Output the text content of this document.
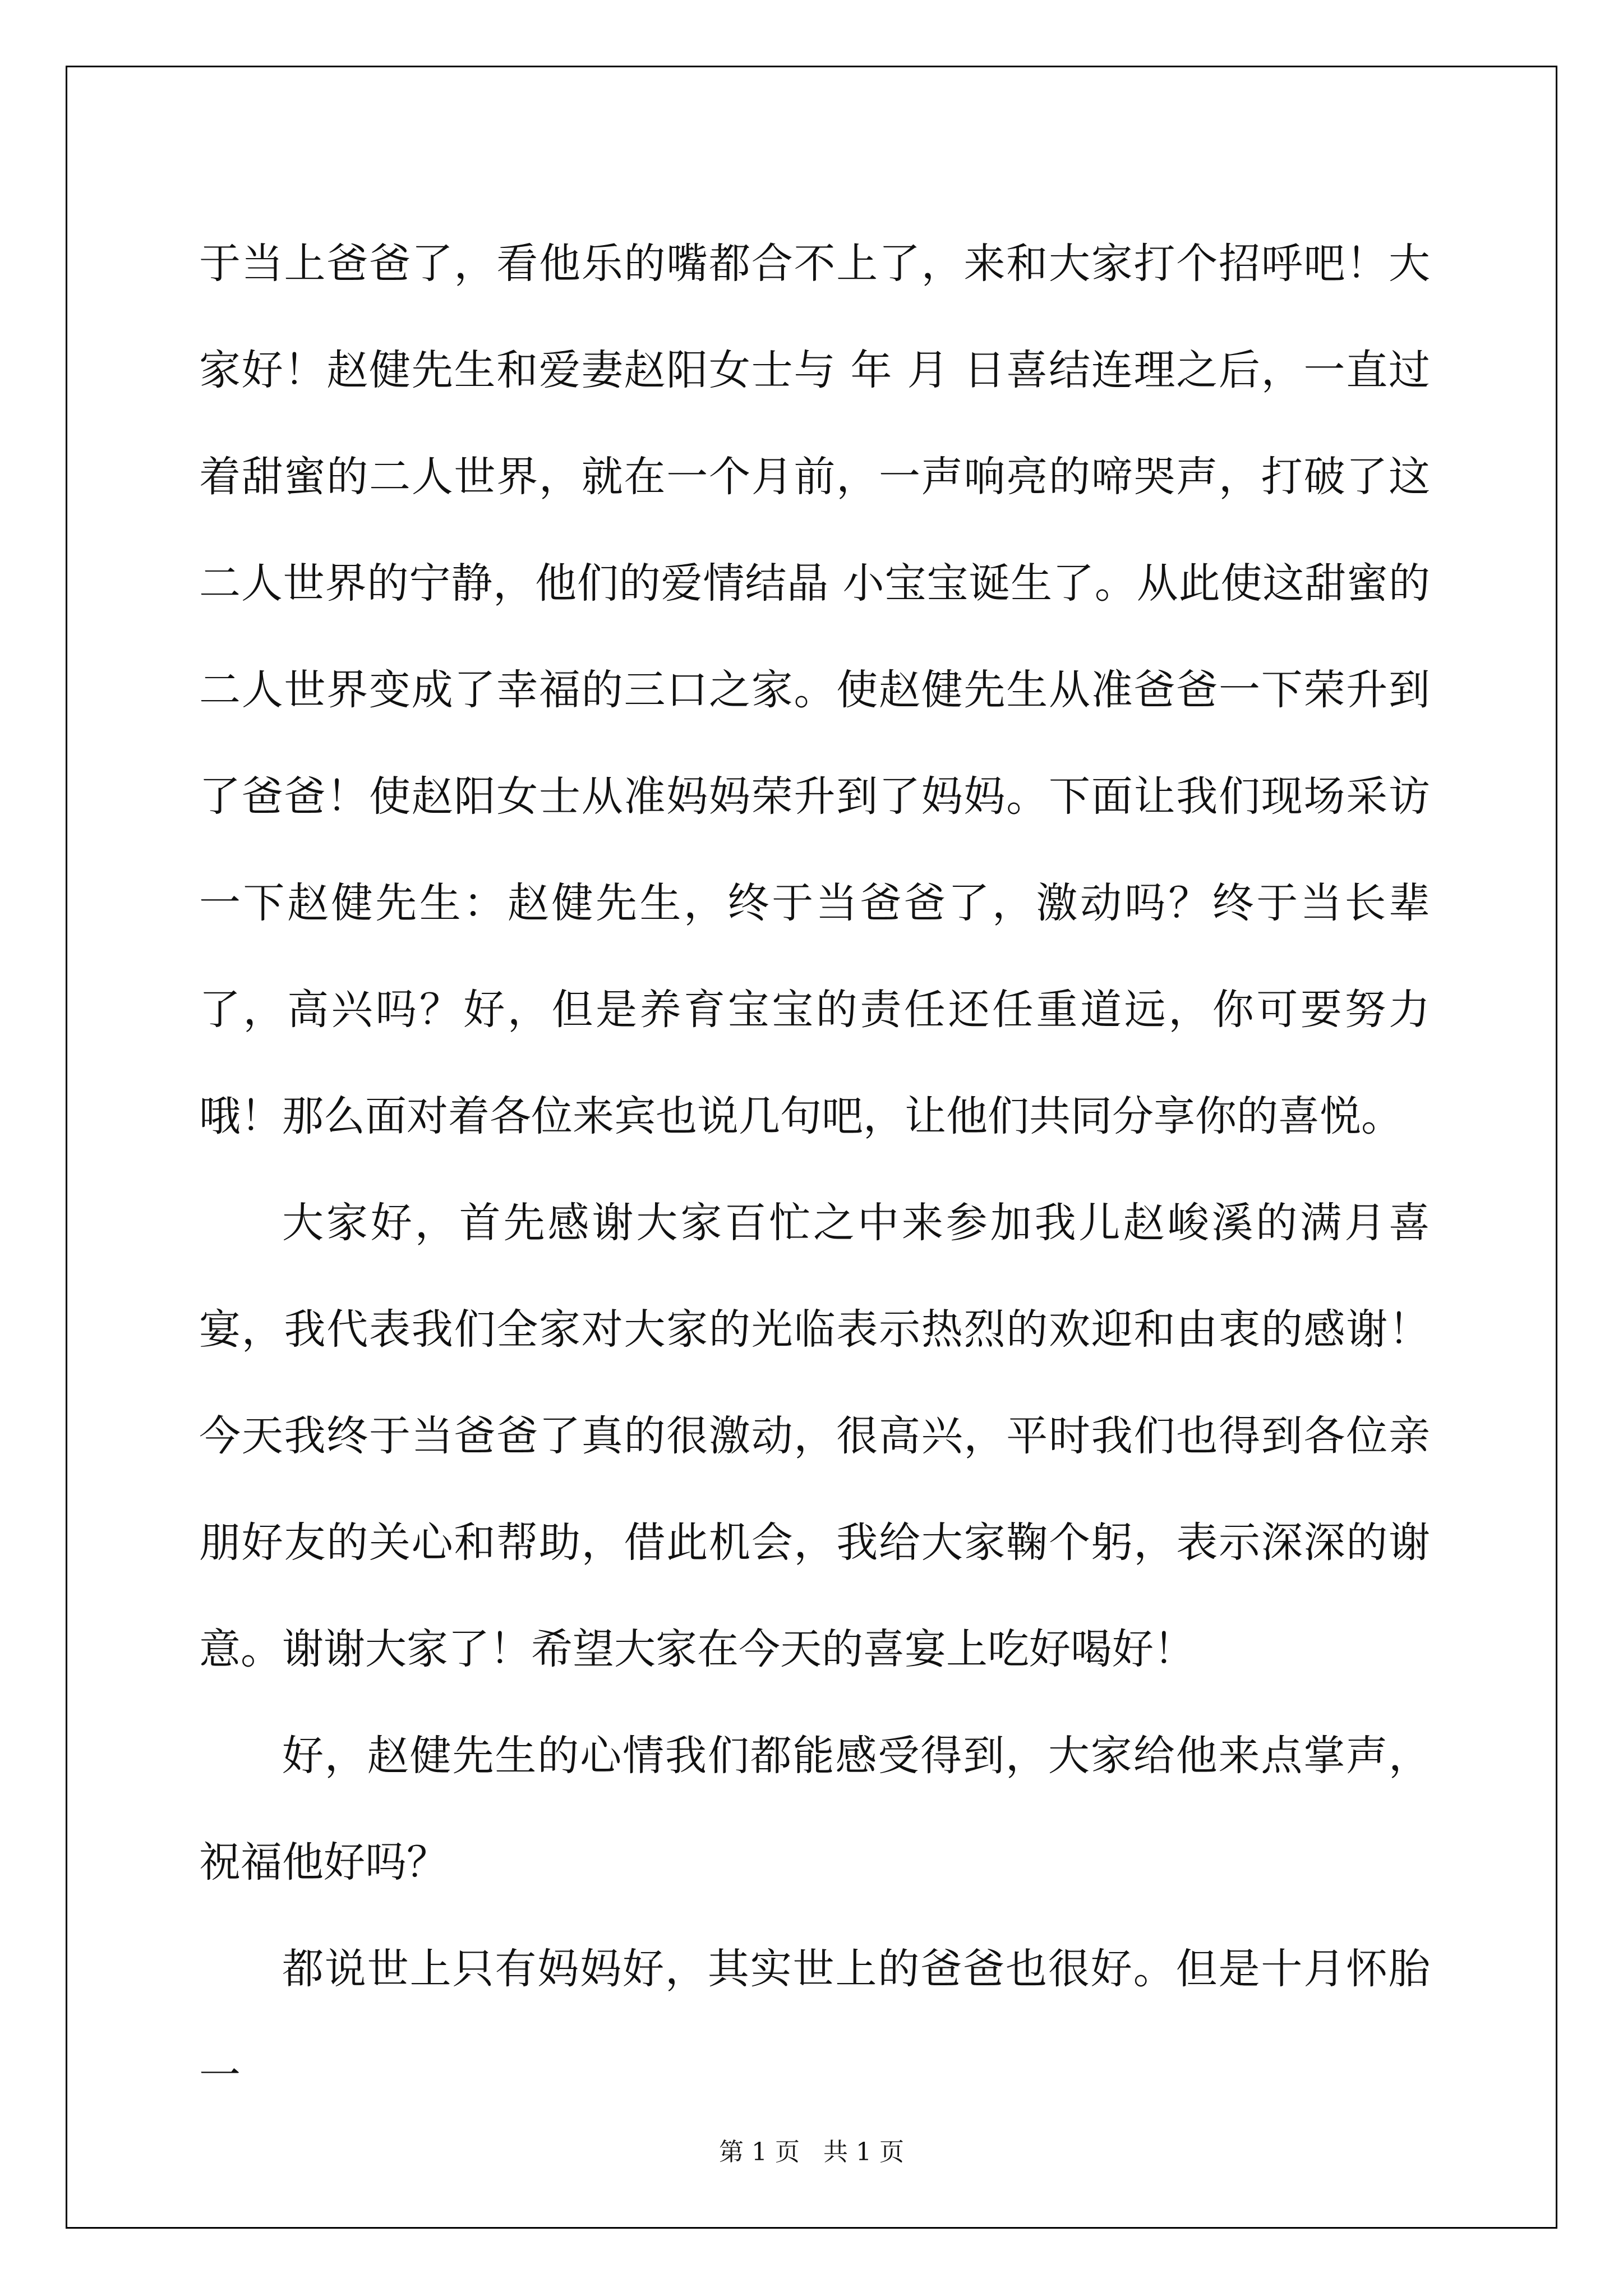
于当上爸爸了，看他乐的嘴都合不上了，来和大家打个招呼吧！大家好！赵健先生和爱妻赵阳女士与 年 月 日喜结连理之后，一直过着甜蜜的二人世界，就在一个月前，一声响亮的啼哭声，打破了这二人世界的宁静，他们的爱情结晶 小宝宝诞生了。从此使这甜蜜的二人世界变成了幸福的三口之家。使赵健先生从准爸爸一下荣升到了爸爸！使赵阳女士从准妈妈荣升到了妈妈。下面让我们现场采访一下赵健先生：赵健先生，终于当爸爸了，激动吗？终于当长辈了，高兴吗？好，但是养育宝宝的责任还任重道远，你可要努力哦！那么面对着各位来宾也说几句吧，让他们共同分享你的喜悦。

大家好，首先感谢大家百忙之中来参加我儿赵峻溪的满月喜宴，我代表我们全家对大家的光临表示热烈的欢迎和由衷的感谢！今天我终于当爸爸了真的很激动，很高兴，平时我们也得到各位亲朋好友的关心和帮助，借此机会，我给大家鞠个躬，表示深深的谢意。谢谢大家了！希望大家在今天的喜宴上吃好喝好！

好，赵健先生的心情我们都能感受得到，大家给他来点掌声，祝福他好吗？

都说世上只有妈妈好，其实世上的爸爸也很好。但是十月怀胎一

第 1 页 共 1 页
